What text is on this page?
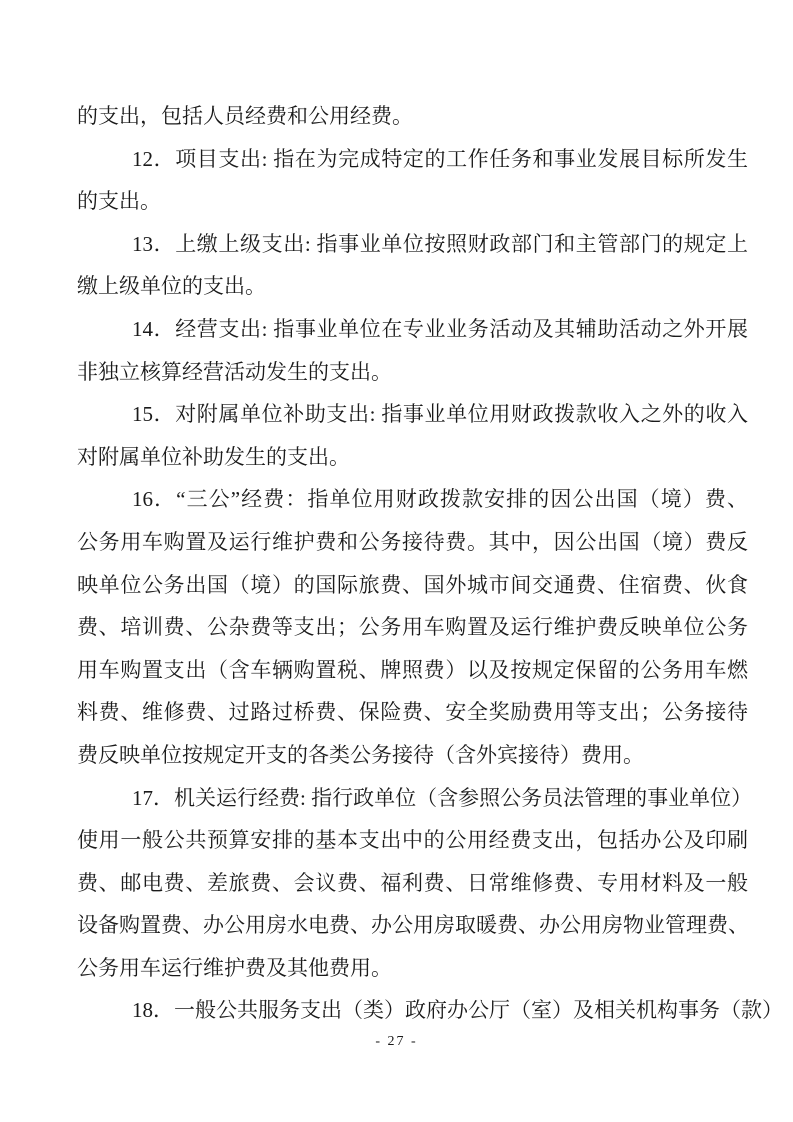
的支出，包括人员经费和公用经费。
12．项目支出: 指在为完成特定的工作任务和事业发展目标所发生
的支出。
13．上缴上级支出: 指事业单位按照财政部门和主管部门的规定上
缴上级单位的支出。
14．经营支出: 指事业单位在专业业务活动及其辅助活动之外开展
非独立核算经营活动发生的支出。
15．对附属单位补助支出: 指事业单位用财政拨款收入之外的收入
对附属单位补助发生的支出。
16．“三公”经费：指单位用财政拨款安排的因公出国（境）费、
公务用车购置及运行维护费和公务接待费。其中，因公出国（境）费反
映单位公务出国（境）的国际旅费、国外城市间交通费、住宿费、伙食
费、培训费、公杂费等支出；公务用车购置及运行维护费反映单位公务
用车购置支出（含车辆购置税、牌照费）以及按规定保留的公务用车燃
料费、维修费、过路过桥费、保险费、安全奖励费用等支出；公务接待
费反映单位按规定开支的各类公务接待（含外宾接待）费用。
17．机关运行经费: 指行政单位（含参照公务员法管理的事业单位）
使用一般公共预算安排的基本支出中的公用经费支出，包括办公及印刷
费、邮电费、差旅费、会议费、福利费、日常维修费、专用材料及一般
设备购置费、办公用房水电费、办公用房取暖费、办公用房物业管理费、
公务用车运行维护费及其他费用。
18．一般公共服务支出（类）政府办公厅（室）及相关机构事务（款）
- 27 -
